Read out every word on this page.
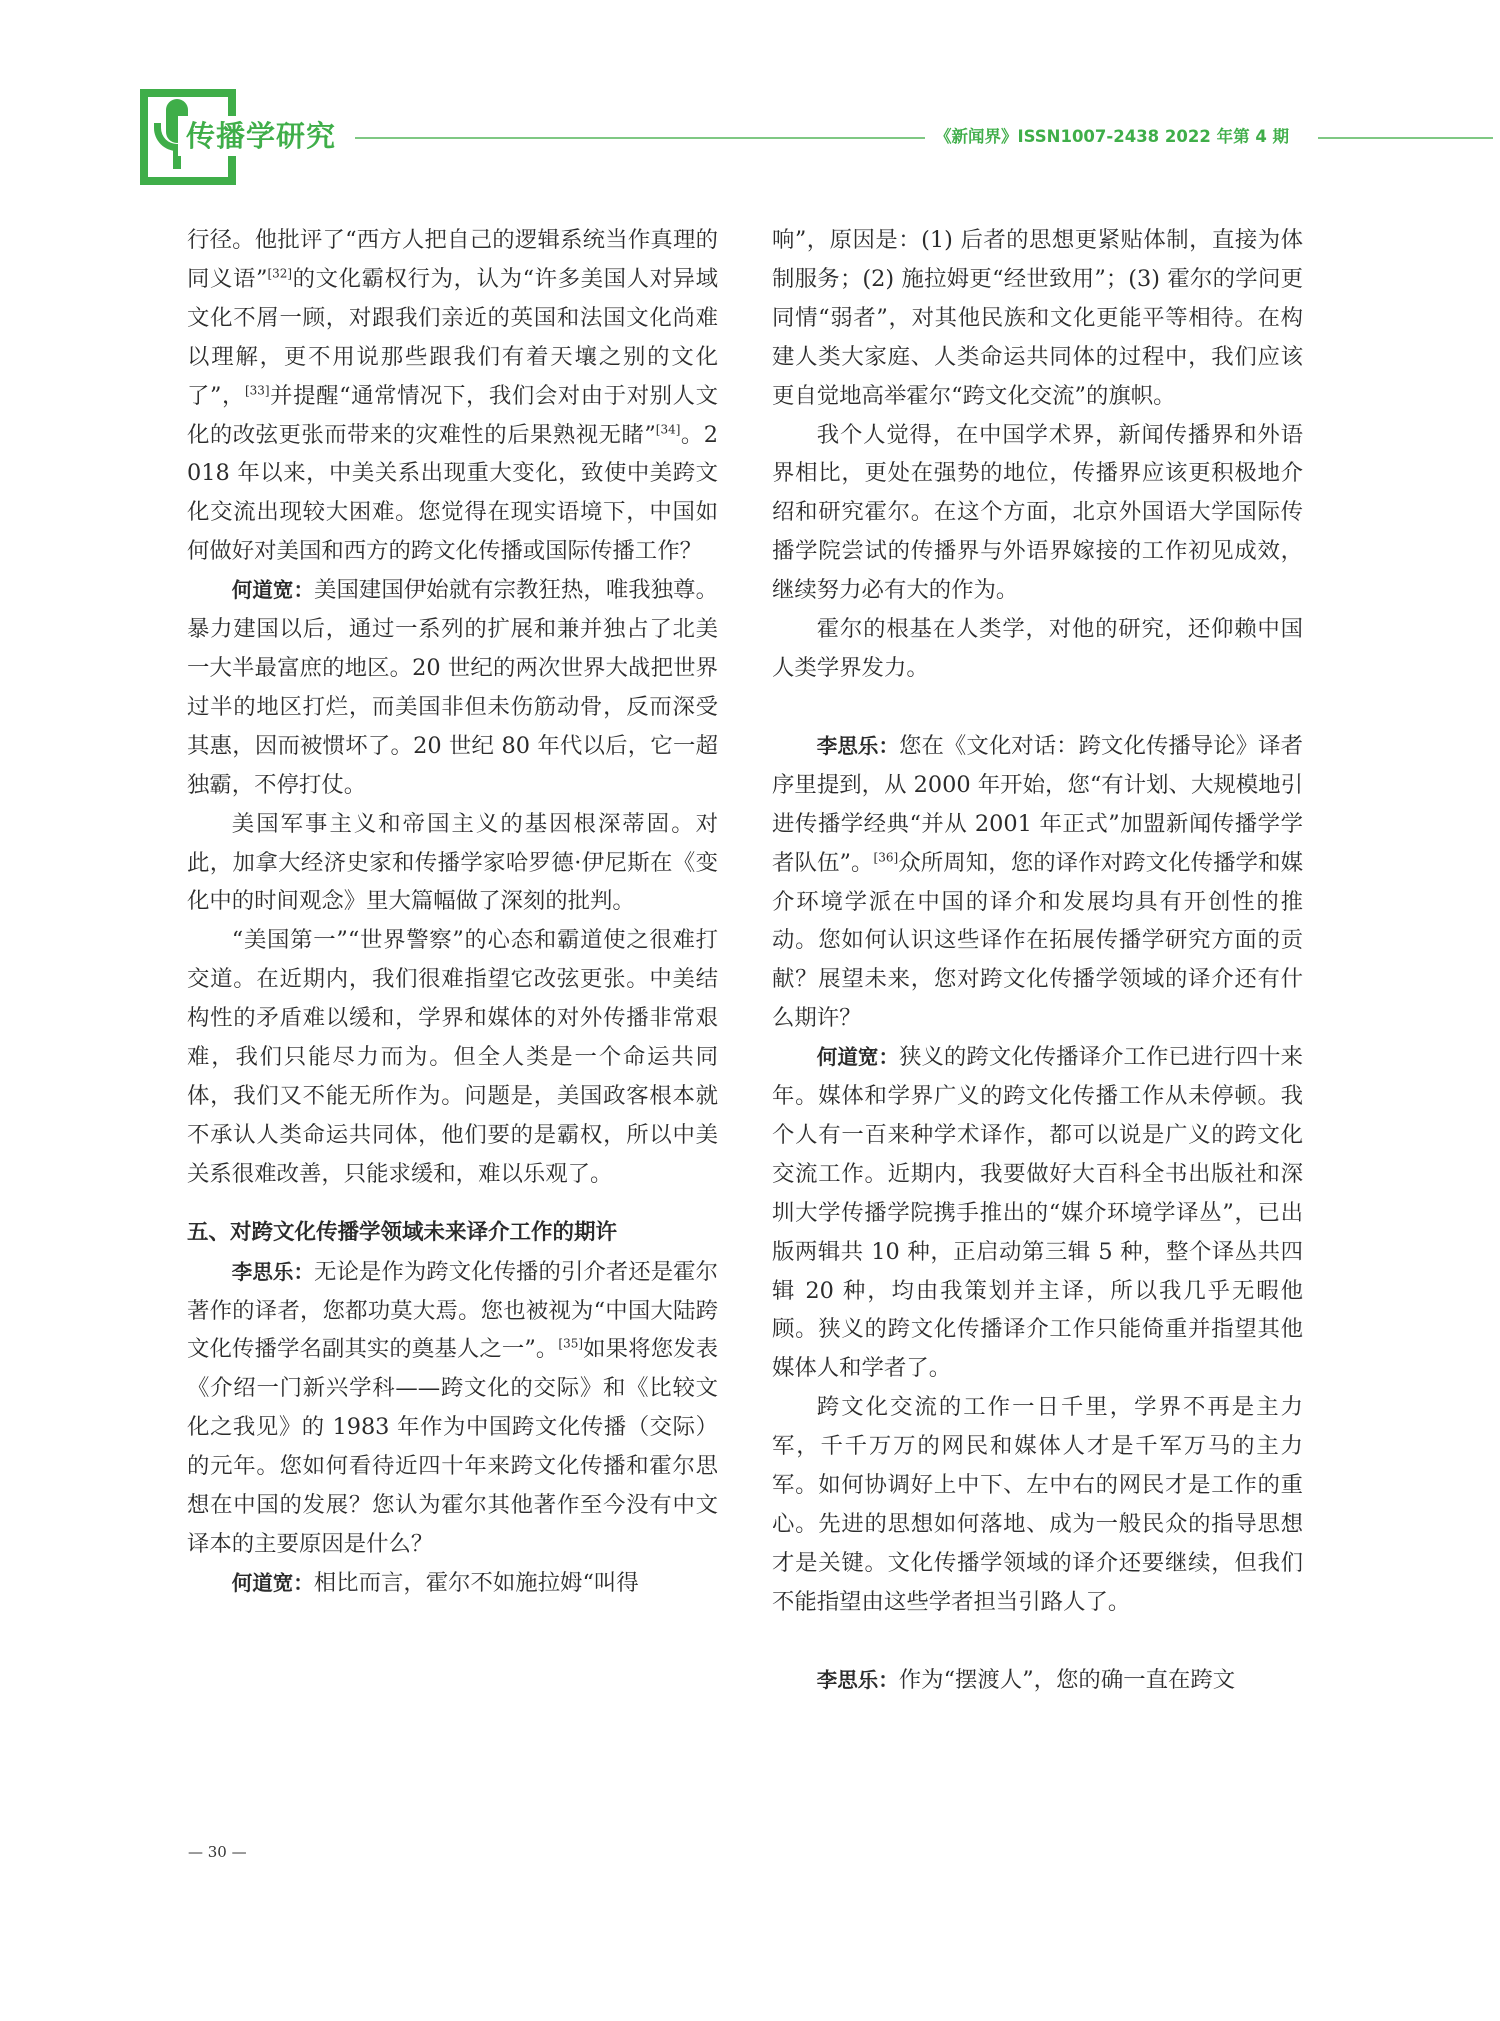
传播学研究	《新闻界》ISSN1007-2438 2022 年第 4 期

行径。他批评了“西方人把自己的逻辑系统当作真理的同义语”[32]的文化霸权行为，认为“许多美国人对异域文化不屑一顾，对跟我们亲近的英国和法国文化尚难以理解，更不用说那些跟我们有着天壤之别的文化了”，[33]并提醒“通常情况下，我们会对由于对别人文化的改弦更张而带来的灾难性的后果熟视无睹”[34]。2018 年以来，中美关系出现重大变化，致使中美跨文化交流出现较大困难。您觉得在现实语境下，中国如何做好对美国和西方的跨文化传播或国际传播工作？

何道宽：美国建国伊始就有宗教狂热，唯我独尊。暴力建国以后，通过一系列的扩展和兼并独占了北美一大半最富庶的地区。20 世纪的两次世界大战把世界过半的地区打烂，而美国非但未伤筋动骨，反而深受其惠，因而被惯坏了。20 世纪 80 年代以后，它一超独霸，不停打仗。

美国军事主义和帝国主义的基因根深蒂固。对此，加拿大经济史家和传播学家哈罗德·伊尼斯在《变化中的时间观念》里大篇幅做了深刻的批判。

“美国第一”“世界警察”的心态和霸道使之很难打交道。在近期内，我们很难指望它改弦更张。中美结构性的矛盾难以缓和，学界和媒体的对外传播非常艰难，我们只能尽力而为。但全人类是一个命运共同体，我们又不能无所作为。问题是，美国政客根本就不承认人类命运共同体，他们要的是霸权，所以中美关系很难改善，只能求缓和，难以乐观了。

五、对跨文化传播学领域未来译介工作的期许

李思乐：无论是作为跨文化传播的引介者还是霍尔著作的译者，您都功莫大焉。您也被视为“中国大陆跨文化传播学名副其实的奠基人之一”。[35]如果将您发表《介绍一门新兴学科——跨文化的交际》和《比较文化之我见》的 1983 年作为中国跨文化传播（交际）的元年。您如何看待近四十年来跨文化传播和霍尔思想在中国的发展？您认为霍尔其他著作至今没有中文译本的主要原因是什么？

何道宽：相比而言，霍尔不如施拉姆“叫得

响”，原因是：(1) 后者的思想更紧贴体制，直接为体制服务；(2) 施拉姆更“经世致用”；(3) 霍尔的学问更同情“弱者”，对其他民族和文化更能平等相待。在构建人类大家庭、人类命运共同体的过程中，我们应该更自觉地高举霍尔“跨文化交流”的旗帜。

我个人觉得，在中国学术界，新闻传播界和外语界相比，更处在强势的地位，传播界应该更积极地介绍和研究霍尔。在这个方面，北京外国语大学国际传播学院尝试的传播界与外语界嫁接的工作初见成效，继续努力必有大的作为。

霍尔的根基在人类学，对他的研究，还仰赖中国人类学界发力。

李思乐：您在《文化对话：跨文化传播导论》译者序里提到，从 2000 年开始，您“有计划、大规模地引进传播学经典“并从 2001 年正式”加盟新闻传播学学者队伍”。[36]众所周知，您的译作对跨文化传播学和媒介环境学派在中国的译介和发展均具有开创性的推动。您如何认识这些译作在拓展传播学研究方面的贡献？展望未来，您对跨文化传播学领域的译介还有什么期许？

何道宽：狭义的跨文化传播译介工作已进行四十来年。媒体和学界广义的跨文化传播工作从未停顿。我个人有一百来种学术译作，都可以说是广义的跨文化交流工作。近期内，我要做好大百科全书出版社和深圳大学传播学院携手推出的“媒介环境学译丛”，已出版两辑共 10 种，正启动第三辑 5 种，整个译丛共四辑 20 种，均由我策划并主译，所以我几乎无暇他顾。狭义的跨文化传播译介工作只能倚重并指望其他媒体人和学者了。

跨文化交流的工作一日千里，学界不再是主力军，千千万万的网民和媒体人才是千军万马的主力军。如何协调好上中下、左中右的网民才是工作的重心。先进的思想如何落地、成为一般民众的指导思想才是关键。文化传播学领域的译介还要继续，但我们不能指望由这些学者担当引路人了。

李思乐：作为“摆渡人”，您的确一直在跨文

— 30 —
